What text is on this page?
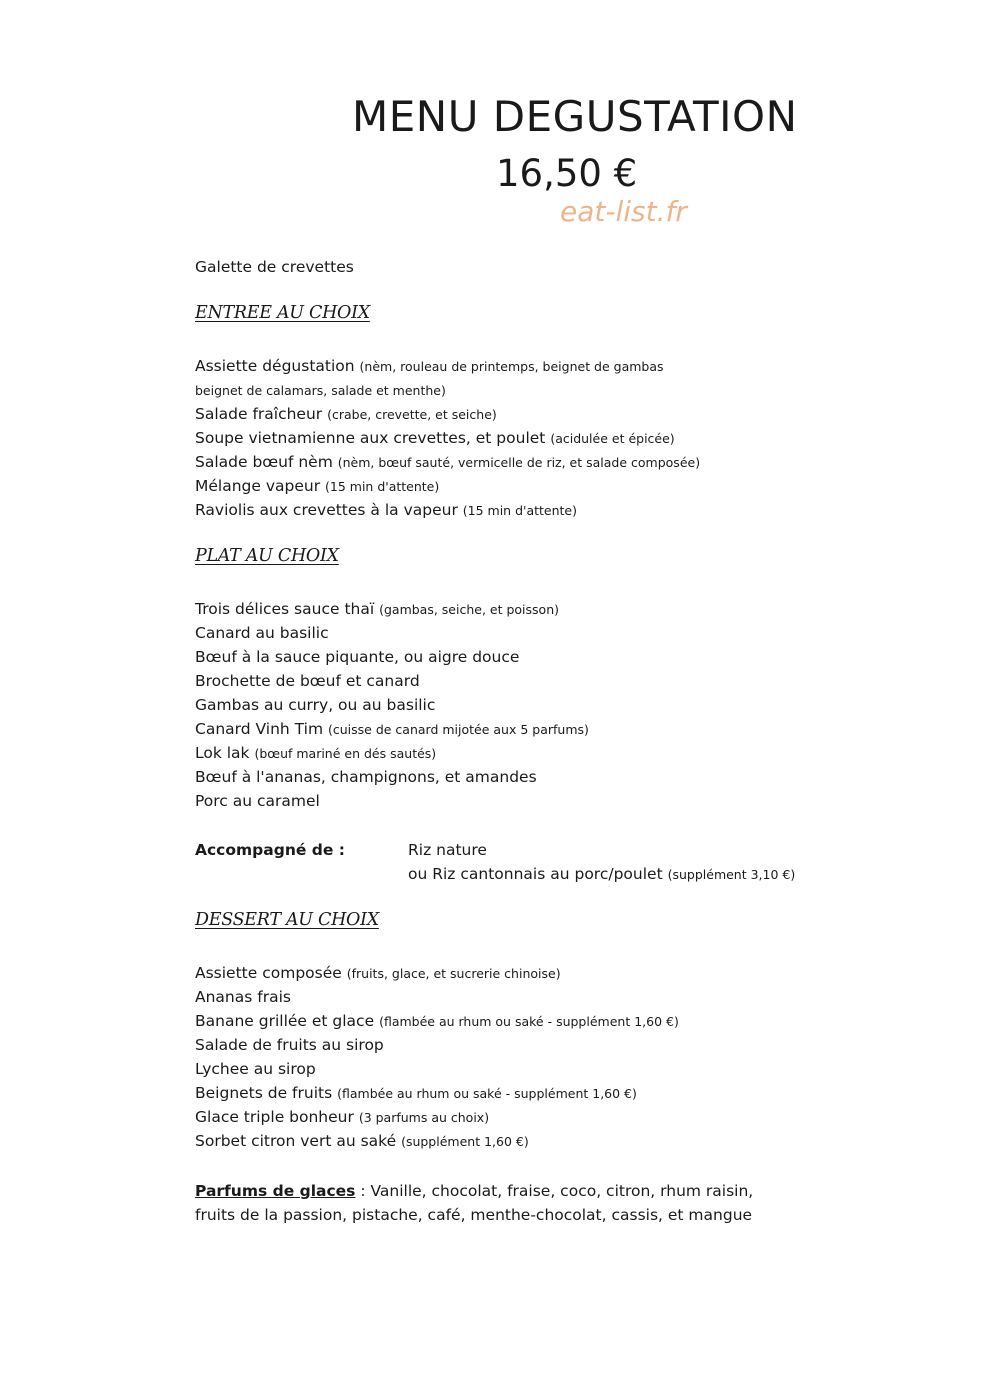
MENU DEGUSTATION
16,50 €
eat-list.fr
Galette de crevettes
ENTREE AU CHOIX
Assiette dégustation (nèm, rouleau de printemps, beignet de gambas
beignet de calamars, salade et menthe)
Salade fraîcheur (crabe, crevette, et seiche)
Soupe vietnamienne aux crevettes, et poulet (acidulée et épicée)
Salade bœuf nèm (nèm, bœuf sauté, vermicelle de riz, et salade composée)
Mélange vapeur (15 min d'attente)
Raviolis aux crevettes à la vapeur (15 min d'attente)
PLAT AU CHOIX
Trois délices sauce thaï (gambas, seiche, et poisson)
Canard au basilic
Bœuf à la sauce piquante, ou aigre douce
Brochette de bœuf et canard
Gambas au curry, ou au basilic
Canard Vinh Tim (cuisse de canard mijotée aux 5 parfums)
Lok lak (bœuf mariné en dés sautés)
Bœuf à l'ananas, champignons, et amandes
Porc au caramel
Accompagné de :	Riz nature
ou Riz cantonnais au porc/poulet (supplément 3,10 €)
DESSERT AU CHOIX
Assiette composée (fruits, glace, et sucrerie chinoise)
Ananas frais
Banane grillée et glace (flambée au rhum ou saké - supplément 1,60 €)
Salade de fruits au sirop
Lychee au sirop
Beignets de fruits (flambée au rhum ou saké - supplément 1,60 €)
Glace triple bonheur (3 parfums au choix)
Sorbet citron vert au saké (supplément 1,60 €)
Parfums de glaces : Vanille, chocolat, fraise, coco, citron, rhum raisin,
fruits de la passion, pistache, café, menthe-chocolat, cassis, et mangue
